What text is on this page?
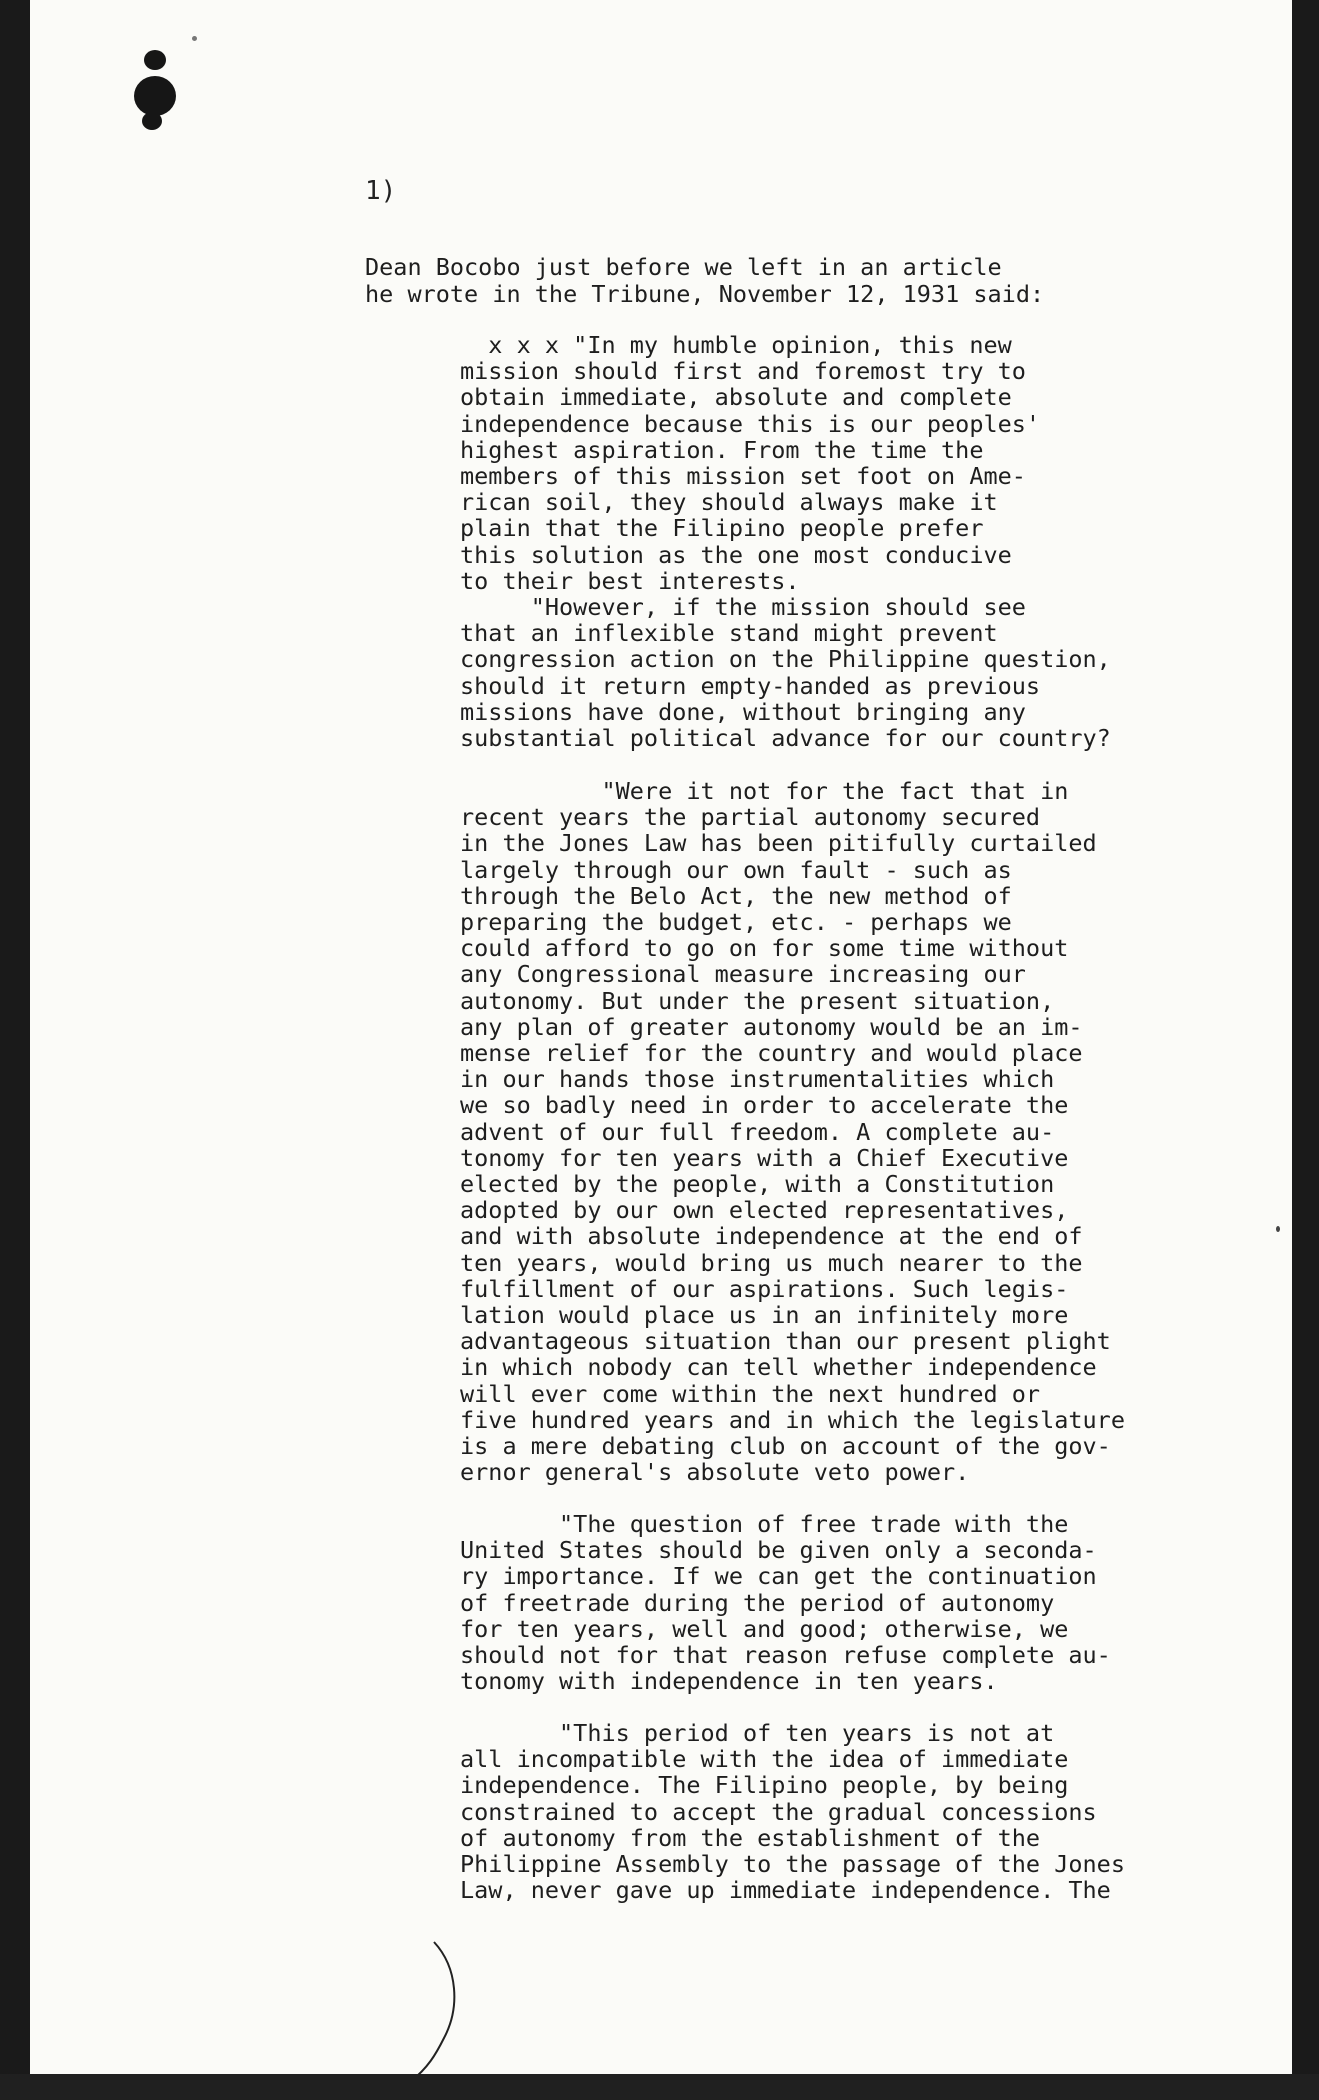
1)
Dean Bocobo just before we left in an article
he wrote in the Tribune, November 12, 1931 said:
x x x "In my humble opinion, this new
mission should first and foremost try to
obtain immediate, absolute and complete
independence because this is our peoples'
highest aspiration. From the time the
members of this mission set foot on Ame-
rican soil, they should always make it
plain that the Filipino people prefer
this solution as the one most conducive
to their best interests.
"However, if the mission should see
that an inflexible stand might prevent
congression action on the Philippine question,
should it return empty-handed as previous
missions have done, without bringing any
substantial political advance for our country?
"Were it not for the fact that in
recent years the partial autonomy secured
in the Jones Law has been pitifully curtailed
largely through our own fault - such as
through the Belo Act, the new method of
preparing the budget, etc. - perhaps we
could afford to go on for some time without
any Congressional measure increasing our
autonomy. But under the present situation,
any plan of greater autonomy would be an im-
mense relief for the country and would place
in our hands those instrumentalities which
we so badly need in order to accelerate the
advent of our full freedom. A complete au-
tonomy for ten years with a Chief Executive
elected by the people, with a Constitution
adopted by our own elected representatives,
and with absolute independence at the end of
ten years, would bring us much nearer to the
fulfillment of our aspirations. Such legis-
lation would place us in an infinitely more
advantageous situation than our present plight
in which nobody can tell whether independence
will ever come within the next hundred or
five hundred years and in which the legislature
is a mere debating club on account of the gov-
ernor general's absolute veto power.
"The question of free trade with the
United States should be given only a seconda-
ry importance. If we can get the continuation
of freetrade during the period of autonomy
for ten years, well and good; otherwise, we
should not for that reason refuse complete au-
tonomy with independence in ten years.
"This period of ten years is not at
all incompatible with the idea of immediate
independence. The Filipino people, by being
constrained to accept the gradual concessions
of autonomy from the establishment of the
Philippine Assembly to the passage of the Jones
Law, never gave up immediate independence. The
